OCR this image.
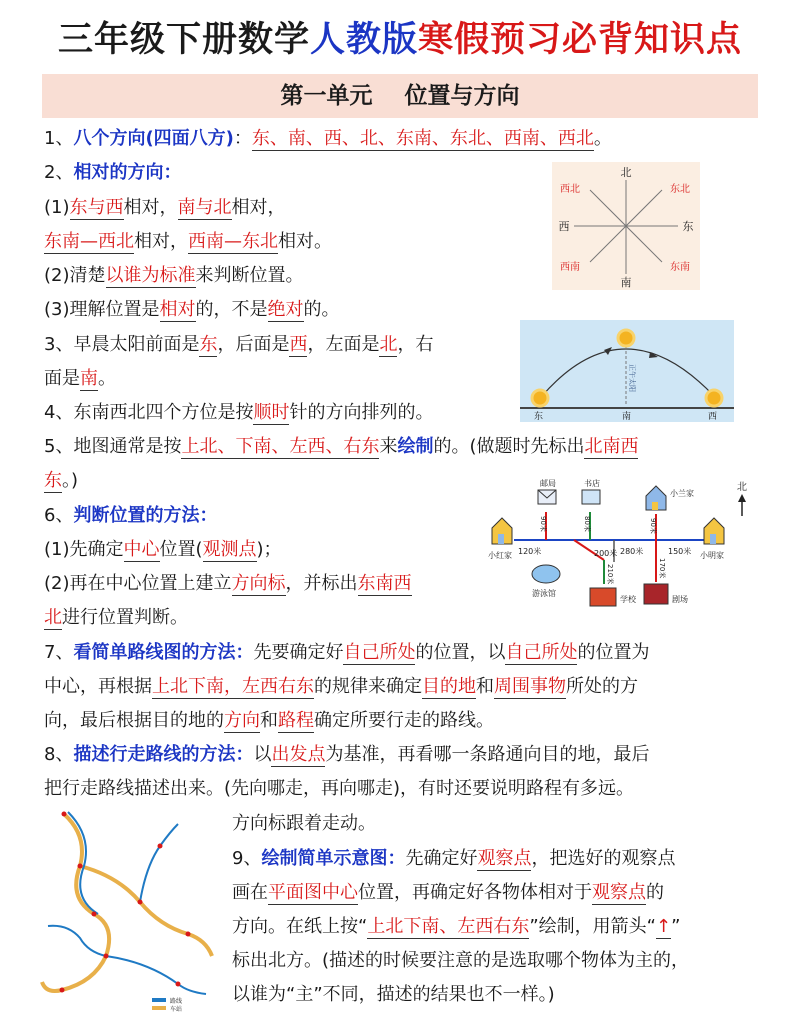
三年级下册数学人教版寒假预习必背知识点
第一单元 位置与方向
1、八个方向(四面八方)：东、南、西、北、东南、东北、西南、西北。
2、相对的方向：
(1)东与西相对，南与北相对，
东南—西北相对，西南—东北相对。
(2)清楚以谁为标准来判断位置。
(3)理解位置是相对的，不是绝对的。
3、早晨太阳前面是东，后面是西，左面是北，右
面是南。
4、东南西北四个方位是按顺时针的方向排列的。
5、地图通常是按上北、下南、左西、右东来绘制的。(做题时先标出北南西
东。)
6、判断位置的方法：
(1)先确定中心位置(观测点)；
(2)再在中心位置上建立方向标，并标出东南西
北进行位置判断。
7、看简单路线图的方法：先要确定好自己所处的位置，以自己所处的位置为
中心，再根据上北下南，左西右东的规律来确定目的地和周围事物所处的方
向，最后根据目的地的方向和路程确定所要行走的路线。
8、描述行走路线的方法：以出发点为基准，再看哪一条路通向目的地，最后
把行走路线描述出来。(先向哪走，再向哪走)，有时还要说明路程有多远。
方向标跟着走动。
9、绘制简单示意图：先确定好观察点，把选好的观察点
画在平面图中心位置，再确定好各物体相对于观察点的
方向。在纸上按“上北下南、左西右东”绘制，用箭头“↑”
标出北方。(描述的时候要注意的是选取哪个物体为主的，
以谁为“主”不同，描述的结果也不一样。)
北
南
西	东
西北	东北
西南	东南
正午太阳
东	南	西
北
邮局	书店
小兰家
小红家	小明家
游泳馆
学校	剧场
90米	80米	90米
120米	200米 280米	150米
210米	170米
路线
车站
